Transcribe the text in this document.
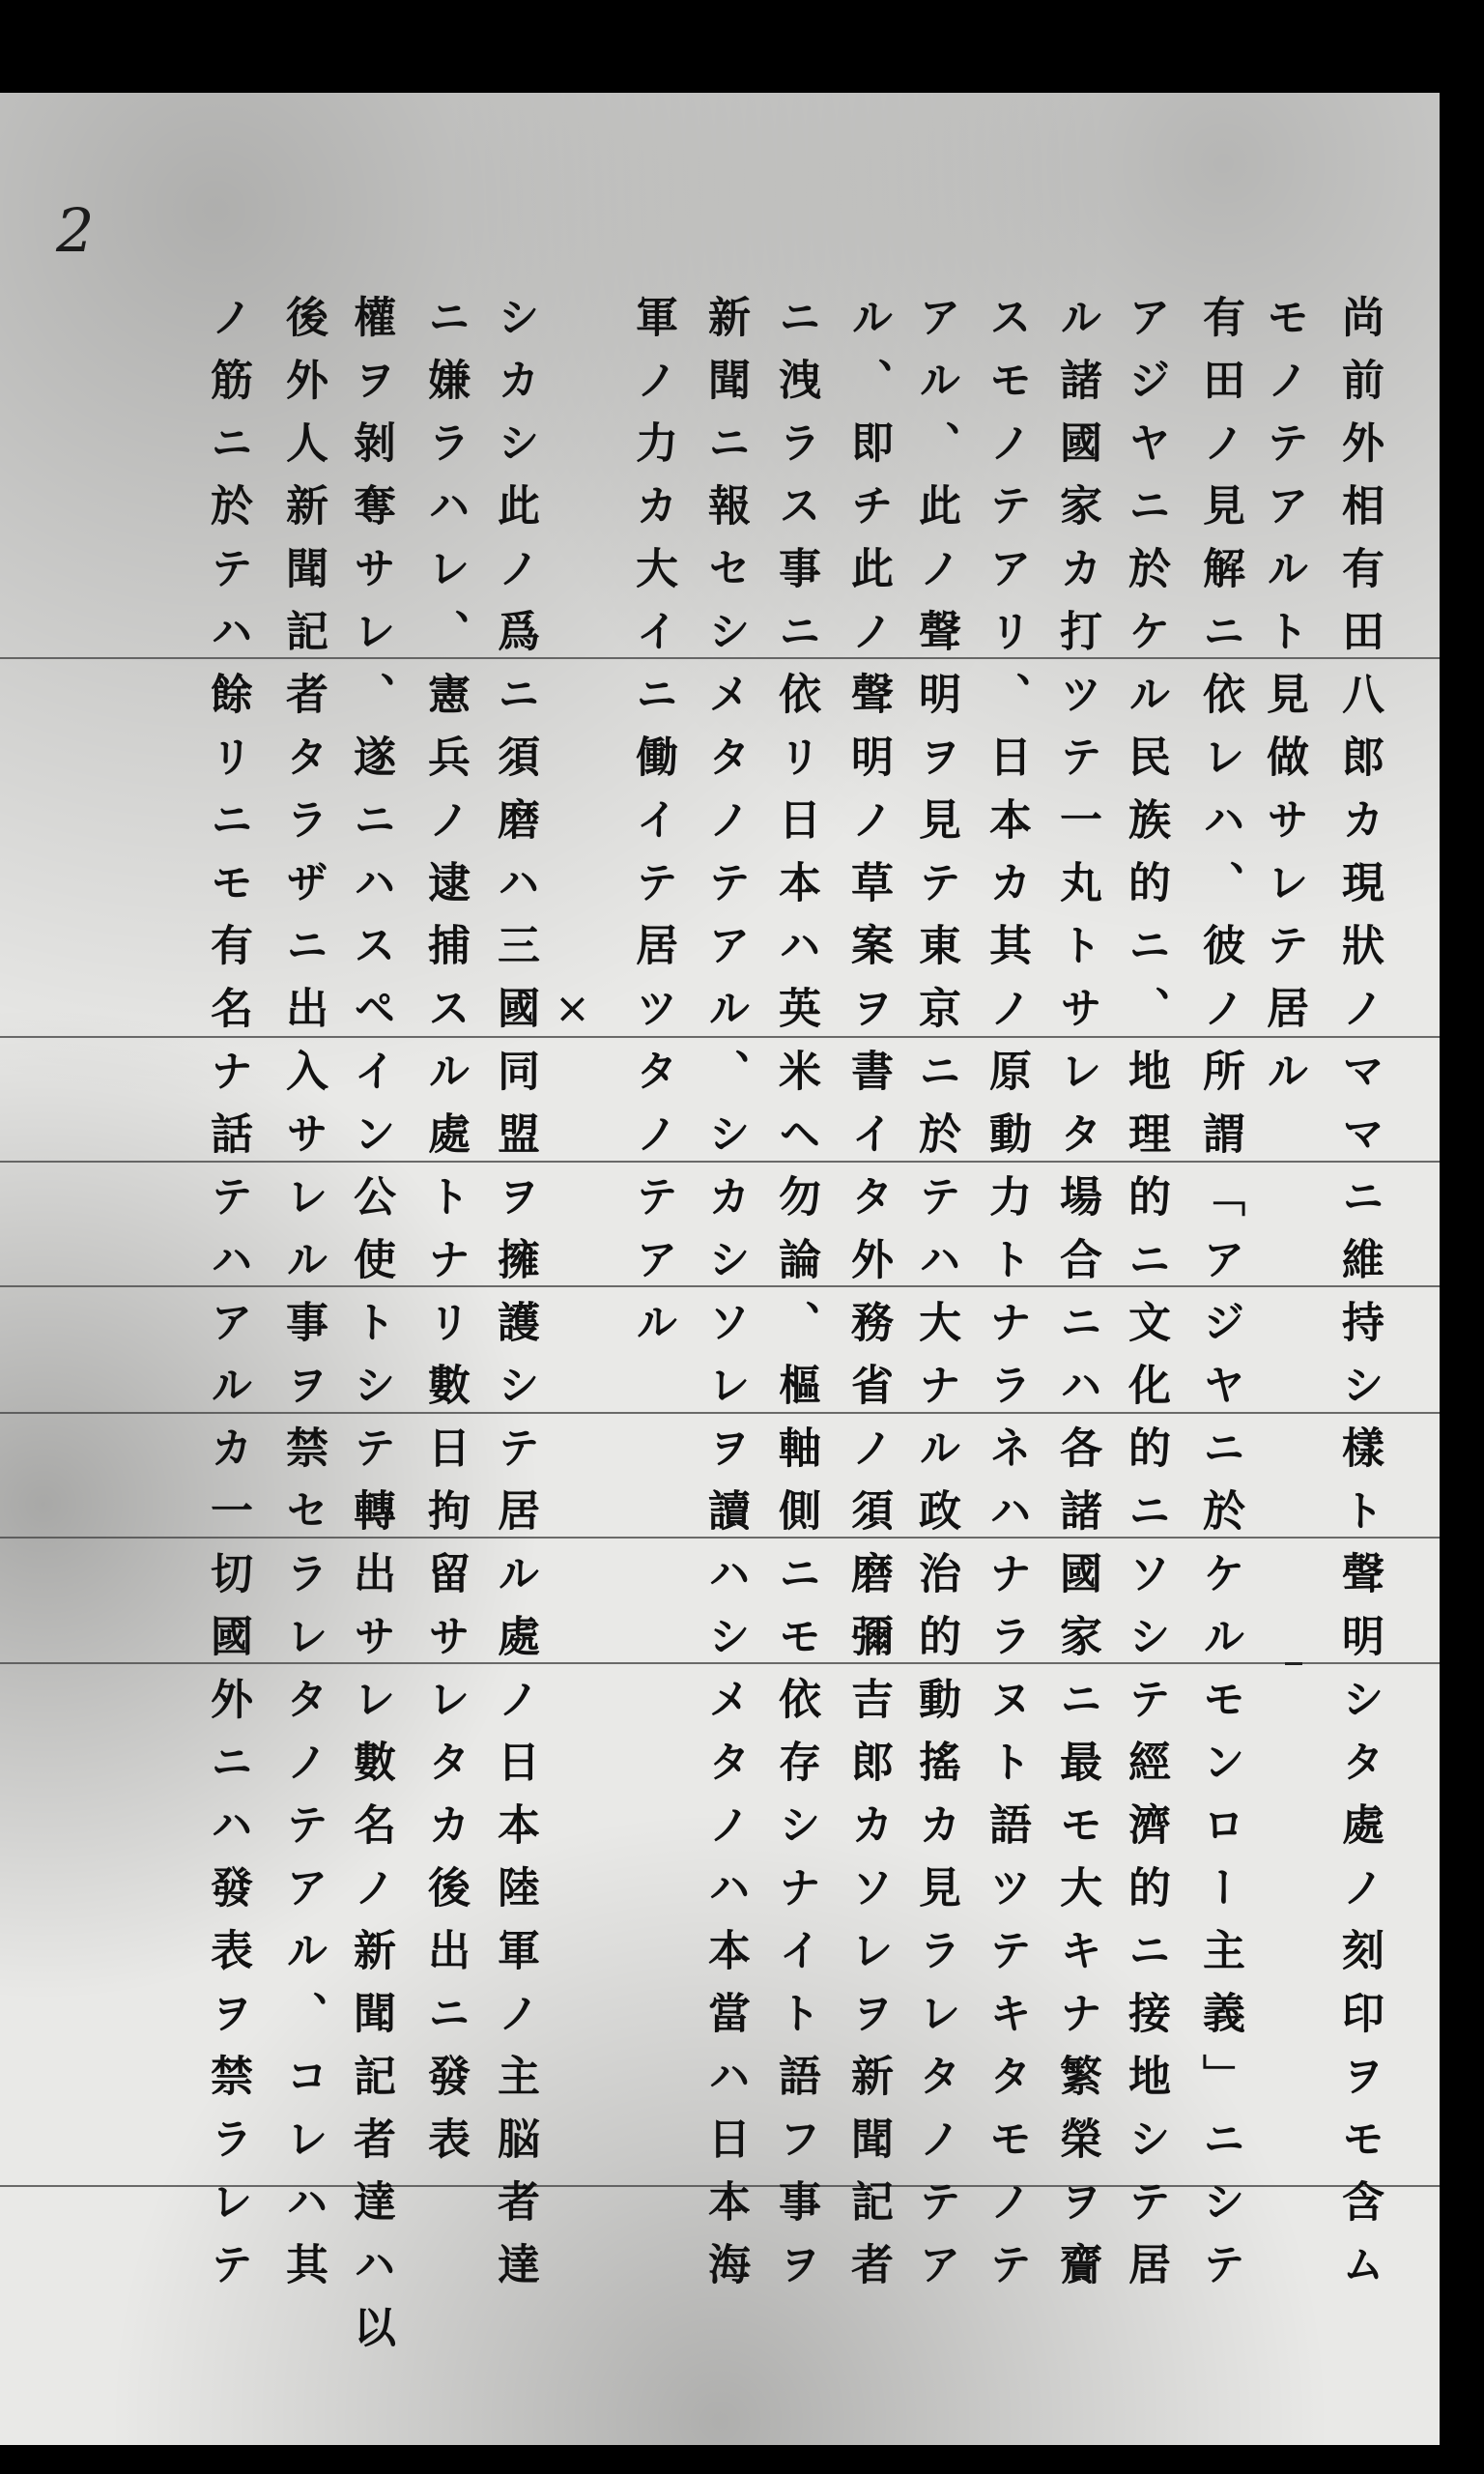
2
尚前外相有田八郎カ現狀ノママニ維持シ樣ト聲明シタ處ノ刻印ヲモ含ム
モノテアルト見做サレテ居ル
有田ノ見解ニ依レハ、彼ノ所謂「アジヤニ於ケルモンロー主義」ニシテ
アジヤニ於ケル民族的ニ、地理的ニ文化的ニソシテ經濟的ニ接地シテ居
ル諸國家カ打ツテ一丸トサレタ場合ニハ各諸國家ニ最モ大キナ繁榮ヲ齎
スモノテアリ、日本カ其ノ原動力トナラネハナラヌト語ツテキタモノテ
アル、此ノ聲明ヲ見テ東京ニ於テハ大ナル政治的動搖カ見ラレタノテア
ル、即チ此ノ聲明ノ草案ヲ書イタ外務省ノ須磨彌吉郎カソレヲ新聞記者
ニ洩ラス事ニ依リ日本ハ英米ヘ勿論、樞軸側ニモ依存シナイト語フ事ヲ
新聞ニ報セシメタノテアル、シカシソレヲ讀ハシメタノハ本當ハ日本海
軍ノ力カ大イニ働イテ居ツタノテアル
×
シカシ此ノ爲ニ須磨ハ三國同盟ヲ擁護シテ居ル處ノ日本陸軍ノ主脳者達
ニ嫌ラハレ、憲兵ノ逮捕スル處トナリ數日拘留サレタカ後出ニ發表
權ヲ剝奪サレ、遂ニハスペイン公使トシテ轉出サレ數名ノ新聞記者達ハ以
後外人新聞記者タラザニ出入サレル事ヲ禁セラレタノテアル、コレハ其
ノ筋ニ於テハ餘リニモ有名ナ話テハアルカ一切國外ニハ發表ヲ禁ラレテ
